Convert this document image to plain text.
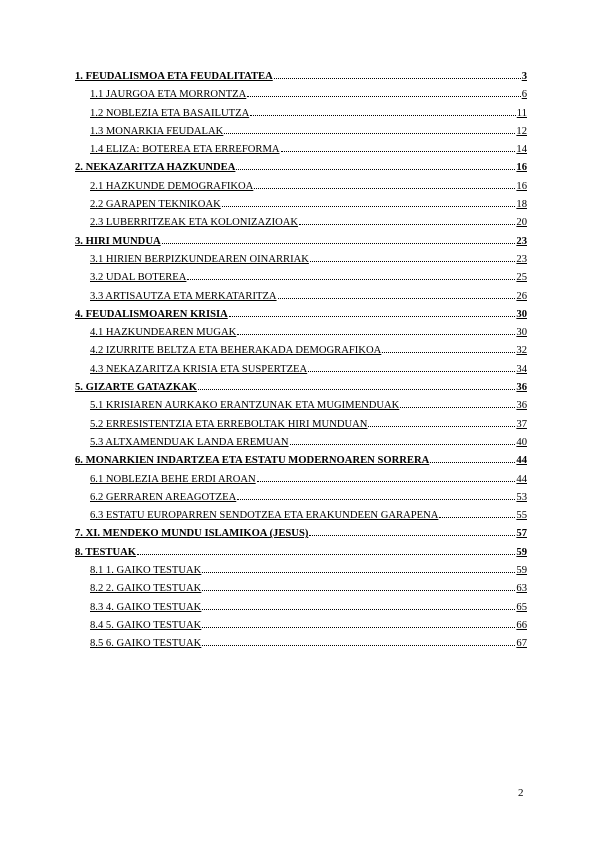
1. FEUDALISMOA ETA FEUDALITATEA	3
1.1 JAURGOA ETA MORRONTZA	6
1.2 NOBLEZIA ETA BASAILUTZA	11
1.3 MONARKIA FEUDALAK	12
1.4 ELIZA: BOTEREA ETA ERREFORMA	14
2. NEKAZARITZA HAZKUNDEA	16
2.1 HAZKUNDE DEMOGRAFIKOA	16
2.2 GARAPEN TEKNIKOAK	18
2.3 LUBERRITZEAK ETA KOLONIZAZIOAK	20
3. HIRI MUNDUA	23
3.1 HIRIEN BERPIZKUNDEAREN OINARRIAK	23
3.2 UDAL BOTEREA	25
3.3 ARTISAUTZA ETA MERKATARITZA	26
4. FEUDALISMOAREN KRISIA	30
4.1 HAZKUNDEAREN MUGAK	30
4.2 IZURRITE BELTZA ETA BEHERAKADA DEMOGRAFIKOA	32
4.3 NEKAZARITZA KRISIA ETA SUSPERTZEA	34
5. GIZARTE GATAZKAK	36
5.1 KRISIAREN AURKAKO ERANTZUNAK ETA MUGIMENDUAK	36
5.2 ERRESISTENTZIA ETA ERREBOLTAK HIRI MUNDUAN	37
5.3 ALTXAMENDUAK LANDA EREMUAN	40
6. MONARKIEN INDARTZEA ETA ESTATU MODERNOAREN SORRERA	44
6.1 NOBLEZIA BEHE ERDI AROAN	44
6.2 GERRAREN AREAGOTZEA	53
6.3 ESTATU EUROPARREN SENDOTZEA ETA ERAKUNDEEN GARAPENA	55
7. XI. MENDEKO MUNDU ISLAMIKOA (JESUS)	57
8. TESTUAK	59
8.1 1. GAIKO TESTUAK	59
8.2 2. GAIKO TESTUAK	63
8.3 4. GAIKO TESTUAK	65
8.4 5. GAIKO TESTUAK	66
8.5 6. GAIKO TESTUAK	67
2
